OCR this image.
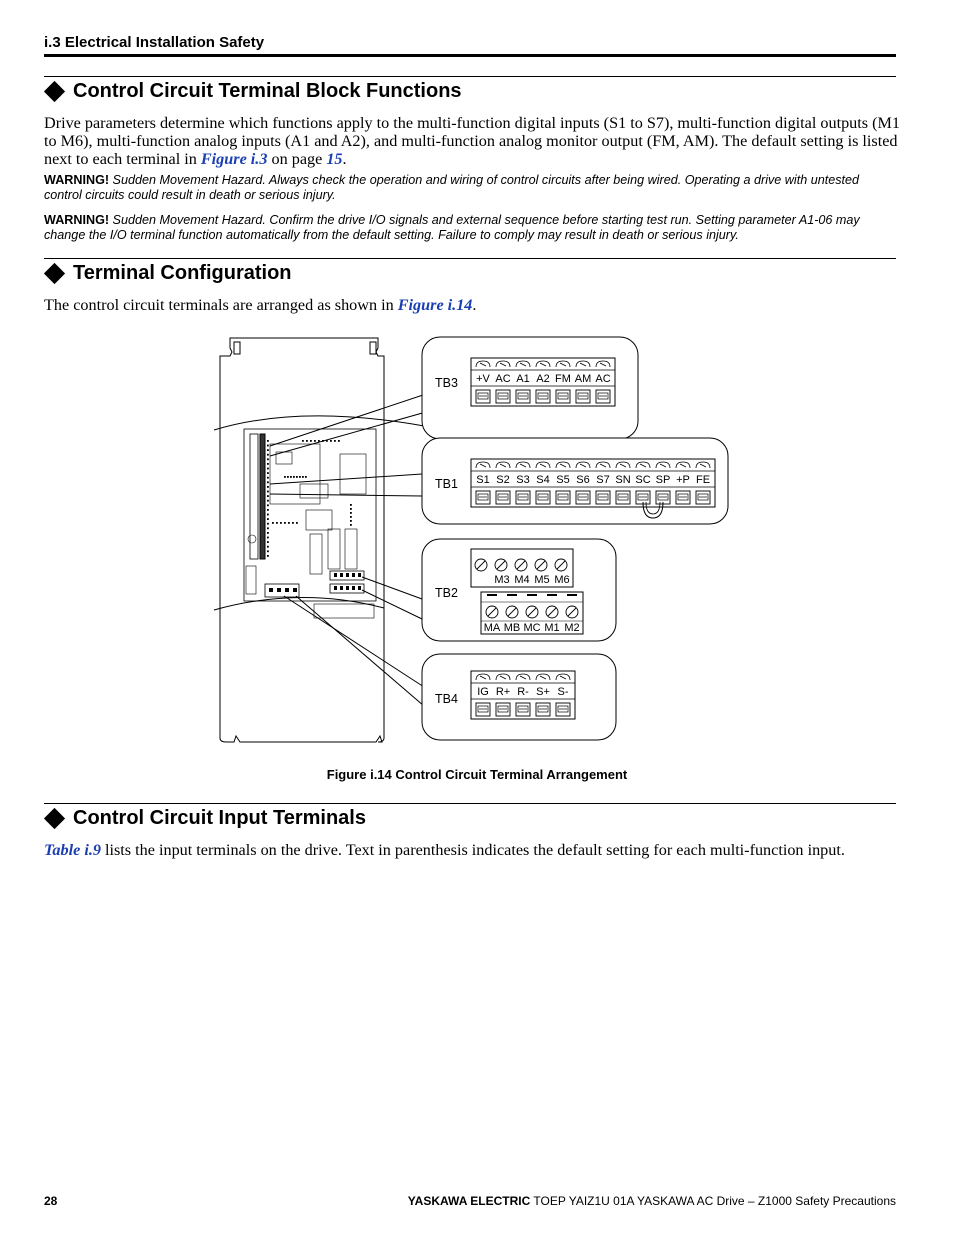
i.3 Electrical Installation Safety
Control Circuit Terminal Block Functions
Drive parameters determine which functions apply to the multi-function digital inputs (S1 to S7), multi-function digital outputs (M1 to M6), multi-function analog inputs (A1 and A2), and multi-function analog monitor output (FM, AM). The default setting is listed next to each terminal in Figure i.3 on page 15.
WARNING! Sudden Movement Hazard. Always check the operation and wiring of control circuits after being wired. Operating a drive with untested control circuits could result in death or serious injury.
WARNING! Sudden Movement Hazard. Confirm the drive I/O signals and external sequence before starting test run. Setting parameter A1-06 may change the I/O terminal function automatically from the default setting. Failure to comply may result in death or serious injury.
Terminal Configuration
The control circuit terminals are arranged as shown in Figure i.14.
TB3
TB1
TB2
TB4
+V AC A1 A2 FM AM AC
S1 S2 S3 S4 S5 S6 S7 SN SC SP +P FE
M3 M4 M5 M6
MA MB MC M1 M2
IG R+ R- S+ S-
Figure i.14 Control Circuit Terminal Arrangement
Control Circuit Input Terminals
Table i.9 lists the input terminals on the drive. Text in parenthesis indicates the default setting for each multi-function input.
28	YASKAWA ELECTRIC TOEP YAIZ1U 01A YASKAWA AC Drive – Z1000 Safety Precautions
